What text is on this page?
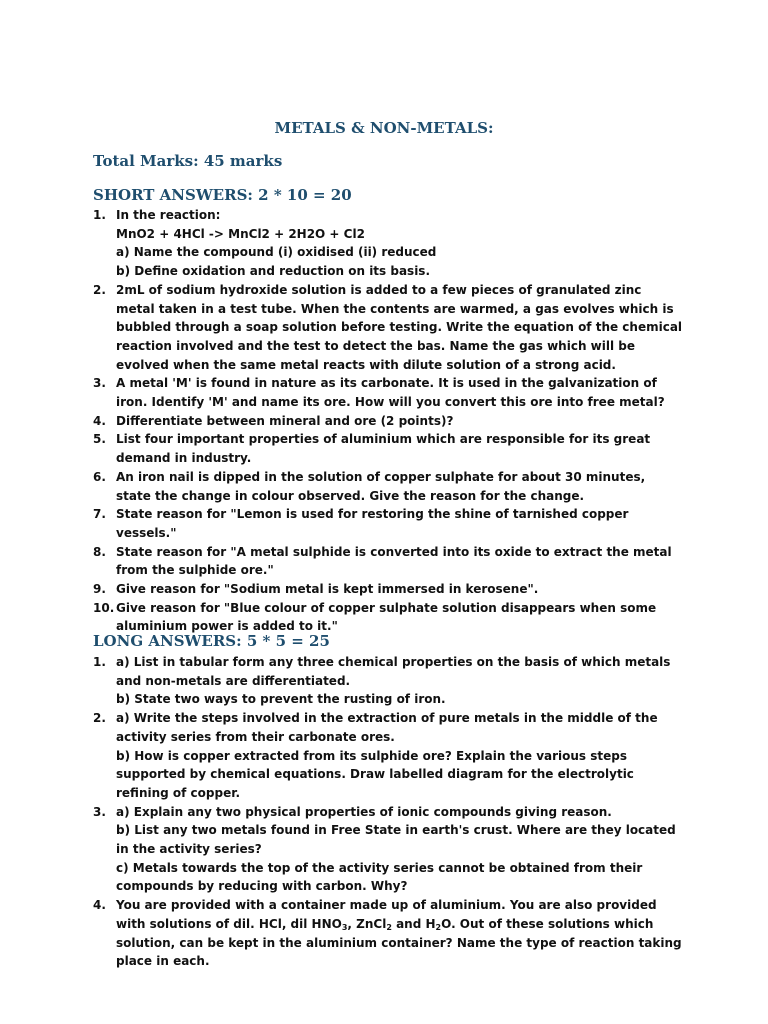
METALS & NON-METALS:
Total Marks: 45 marks
SHORT ANSWERS: 2 * 10 = 20
1. In the reaction:
MnO2 + 4HCl -> MnCl2 + 2H2O + Cl2
a) Name the compound (i) oxidised (ii) reduced
b) Define oxidation and reduction on its basis.
2. 2mL of sodium hydroxide solution is added to a few pieces of granulated zinc metal taken in a test tube. When the contents are warmed, a gas evolves which is bubbled through a soap solution before testing. Write the equation of the chemical reaction involved and the test to detect the bas. Name the gas which will be evolved when the same metal reacts with dilute solution of a strong acid.
3. A metal 'M' is found in nature as its carbonate. It is used in the galvanization of iron. Identify 'M' and name its ore. How will you convert this ore into free metal?
4. Differentiate between mineral and ore (2 points)?
5. List four important properties of aluminium which are responsible for its great demand in industry.
6. An iron nail is dipped in the solution of copper sulphate for about 30 minutes, state the change in colour observed. Give the reason for the change.
7. State reason for "Lemon is used for restoring the shine of tarnished copper vessels."
8. State reason for "A metal sulphide is converted into its oxide to extract the metal from the sulphide ore."
9. Give reason for "Sodium metal is kept immersed in kerosene".
10. Give reason for "Blue colour of copper sulphate solution disappears when some aluminium power is added to it."
LONG ANSWERS: 5 * 5 = 25
1. a) List in tabular form any three chemical properties on the basis of which metals and non-metals are differentiated.
b) State two ways to prevent the rusting of iron.
2. a) Write the steps involved in the extraction of pure metals in the middle of the activity series from their carbonate ores.
b) How is copper extracted from its sulphide ore? Explain the various steps supported by chemical equations. Draw labelled diagram for the electrolytic refining of copper.
3. a) Explain any two physical properties of ionic compounds giving reason.
b) List any two metals found in Free State in earth's crust. Where are they located in the activity series?
c) Metals towards the top of the activity series cannot be obtained from their compounds by reducing with carbon. Why?
4. You are provided with a container made up of aluminium. You are also provided with solutions of dil. HCl, dil $HNO_3$, ZnCl$_2$ and $H_2O$. Out of these solutions which solution, can be kept in the aluminium container? Name the type of reaction taking place in each.
